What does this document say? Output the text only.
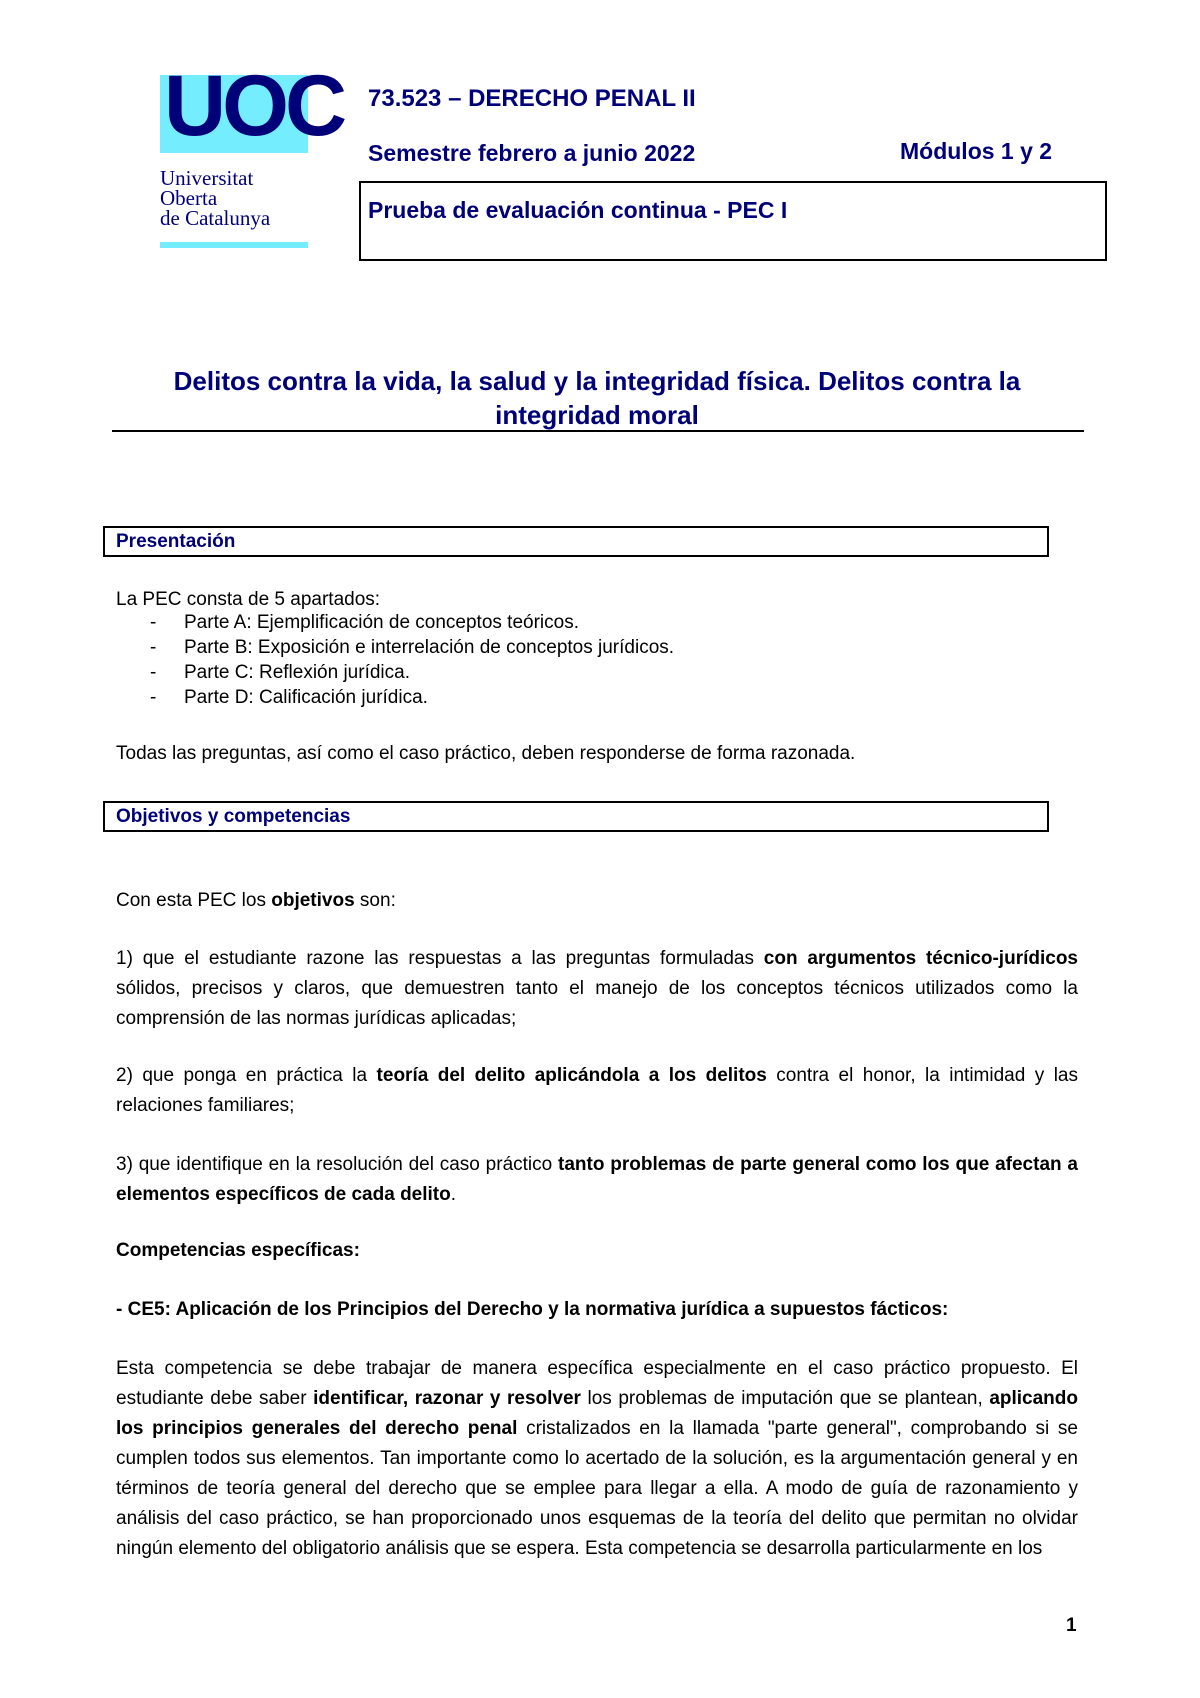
UOC
Universitat
Oberta
de Catalunya
73.523 – DERECHO PENAL II
Semestre febrero a junio 2022	Módulos 1 y 2
Prueba de evaluación continua - PEC I
Delitos contra la vida, la salud y la integridad física. Delitos contra la
integridad moral
Presentación
La PEC consta de 5 apartados:
- Parte A: Ejemplificación de conceptos teóricos.
- Parte B: Exposición e interrelación de conceptos jurídicos.
- Parte C: Reflexión jurídica.
- Parte D: Calificación jurídica.
Todas las preguntas, así como el caso práctico, deben responderse de forma razonada.
Objetivos y competencias
Con esta PEC los objetivos son:
1) que el estudiante razone las respuestas a las preguntas formuladas con argumentos técnico-jurídicos sólidos, precisos y claros, que demuestren tanto el manejo de los conceptos técnicos utilizados como la comprensión de las normas jurídicas aplicadas;
2) que ponga en práctica la teoría del delito aplicándola a los delitos contra el honor, la intimidad y las relaciones familiares;
3) que identifique en la resolución del caso práctico tanto problemas de parte general como los que afectan a elementos específicos de cada delito.
Competencias específicas:
- CE5: Aplicación de los Principios del Derecho y la normativa jurídica a supuestos fácticos:
Esta competencia se debe trabajar de manera específica especialmente en el caso práctico propuesto. El estudiante debe saber identificar, razonar y resolver los problemas de imputación que se plantean, aplicando los principios generales del derecho penal cristalizados en la llamada "parte general", comprobando si se cumplen todos sus elementos. Tan importante como lo acertado de la solución, es la argumentación general y en términos de teoría general del derecho que se emplee para llegar a ella. A modo de guía de razonamiento y análisis del caso práctico, se han proporcionado unos esquemas de la teoría del delito que permitan no olvidar ningún elemento del obligatorio análisis que se espera. Esta competencia se desarrolla particularmente en los
1
